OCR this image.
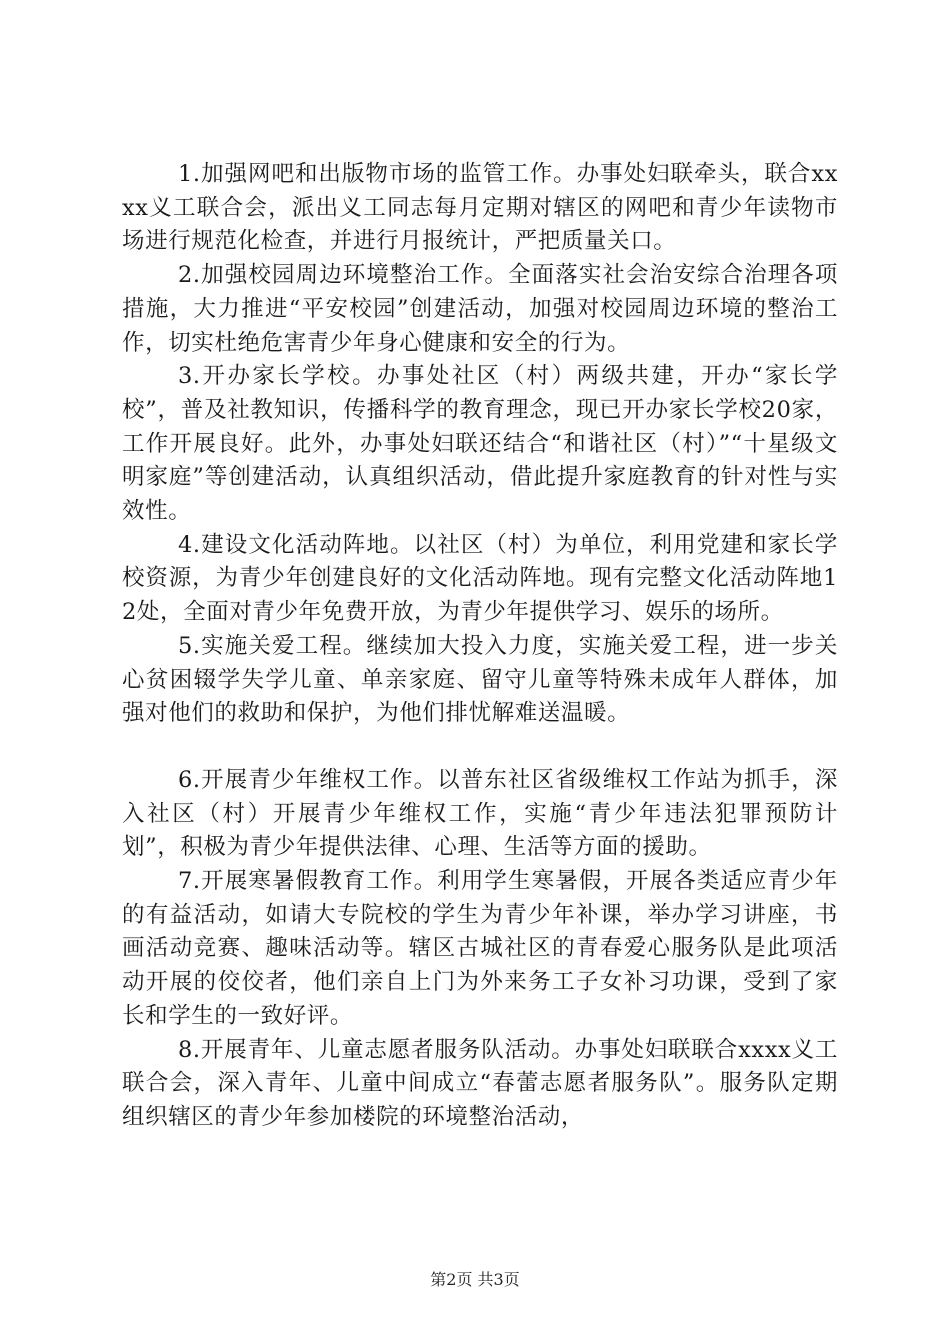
1.加强网吧和出版物市场的监管工作。办事处妇联牵头，联合xxxx义工联合会，派出义工同志每月定期对辖区的网吧和青少年读物市场进行规范化检查，并进行月报统计，严把质量关口。

2.加强校园周边环境整治工作。全面落实社会治安综合治理各项措施，大力推进“平安校园”创建活动，加强对校园周边环境的整治工作，切实杜绝危害青少年身心健康和安全的行为。

3.开办家长学校。办事处社区（村）两级共建，开办“家长学校”，普及社教知识，传播科学的教育理念，现已开办家长学校20家，工作开展良好。此外，办事处妇联还结合“和谐社区（村）”“十星级文明家庭”等创建活动，认真组织活动，借此提升家庭教育的针对性与实效性。

4.建设文化活动阵地。以社区（村）为单位，利用党建和家长学校资源，为青少年创建良好的文化活动阵地。现有完整文化活动阵地12处，全面对青少年免费开放，为青少年提供学习、娱乐的场所。

5.实施关爱工程。继续加大投入力度，实施关爱工程，进一步关心贫困辍学失学儿童、单亲家庭、留守儿童等特殊未成年人群体，加强对他们的救助和保护，为他们排忧解难送温暖。

6.开展青少年维权工作。以普东社区省级维权工作站为抓手，深入社区（村）开展青少年维权工作，实施“青少年违法犯罪预防计划”，积极为青少年提供法律、心理、生活等方面的援助。

7.开展寒暑假教育工作。利用学生寒暑假，开展各类适应青少年的有益活动，如请大专院校的学生为青少年补课，举办学习讲座，书画活动竞赛、趣味活动等。辖区古城社区的青春爱心服务队是此项活动开展的佼佼者，他们亲自上门为外来务工子女补习功课，受到了家长和学生的一致好评。

8.开展青年、儿童志愿者服务队活动。办事处妇联联合xxxx义工联合会，深入青年、儿童中间成立“春蕾志愿者服务队”。服务队定期组织辖区的青少年参加楼院的环境整治活动，

第2页 共3页
